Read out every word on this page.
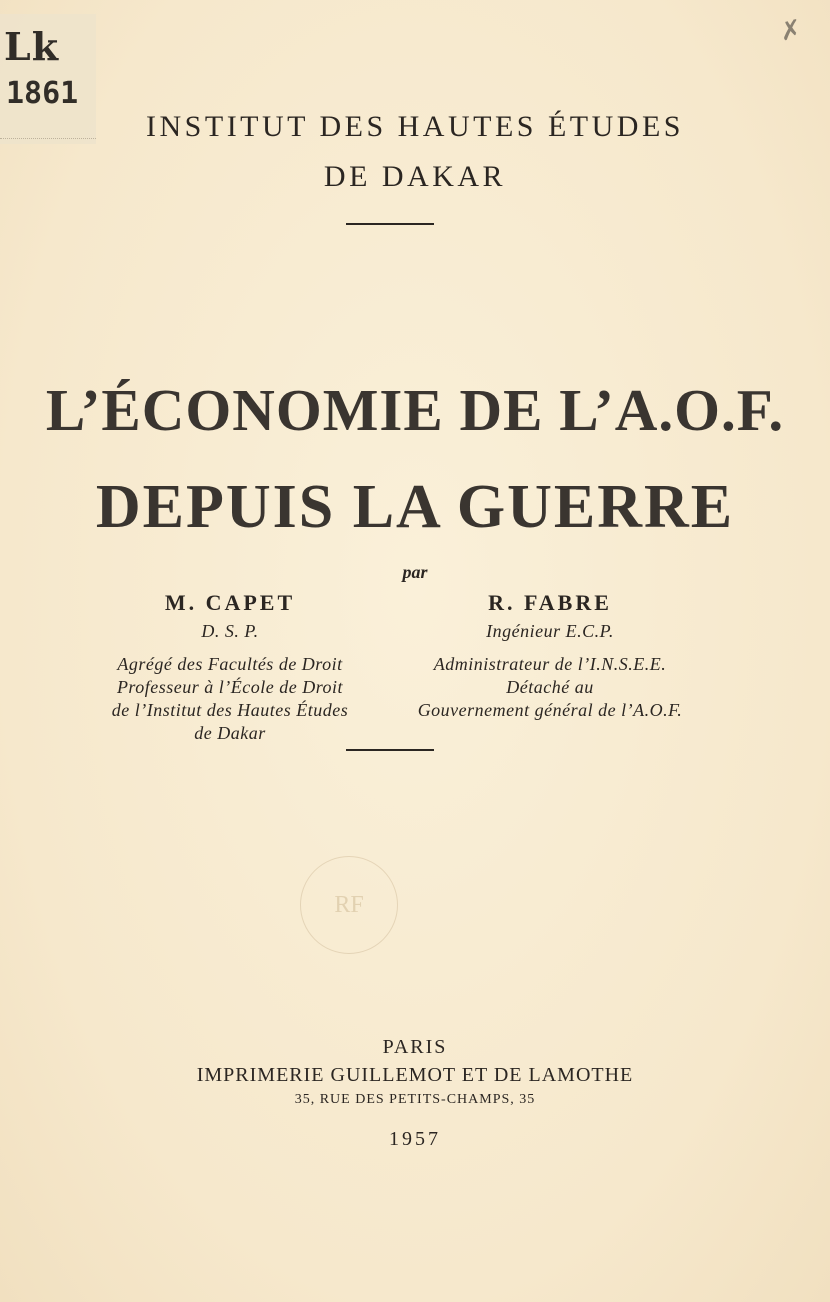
Lk
1861
✗
INSTITUT DES HAUTES ÉTUDES
DE DAKAR
L’ÉCONOMIE DE L’A.O.F.
DEPUIS LA GUERRE
par
M. CAPET
D. S. P.
Agrégé des Facultés de Droit
Professeur à l’École de Droit
de l’Institut des Hautes Études
de Dakar
R. FABRE
Ingénieur E.C.P.
Administrateur de l’I.N.S.E.E.
Détaché au
Gouvernement général de l’A.O.F.
RF
PARIS
IMPRIMERIE GUILLEMOT ET DE LAMOTHE
35, RUE DES PETITS-CHAMPS, 35
1957
